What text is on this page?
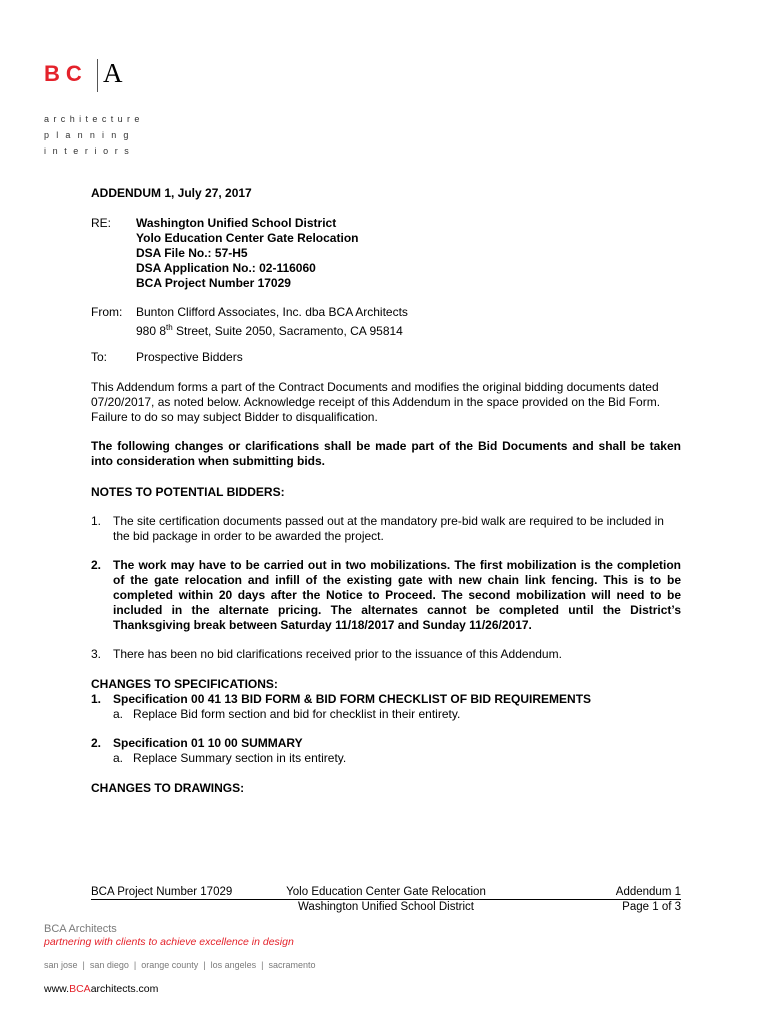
BC A
architecture
planning
interiors
ADDENDUM 1, July 27, 2017
RE: Washington Unified School District
Yolo Education Center Gate Relocation
DSA File No.: 57-H5
DSA Application No.: 02-116060
BCA Project Number 17029
From: Bunton Clifford Associates, Inc. dba BCA Architects
980 8th Street, Suite 2050, Sacramento, CA 95814
To: Prospective Bidders
This Addendum forms a part of the Contract Documents and modifies the original bidding documents dated 07/20/2017, as noted below. Acknowledge receipt of this Addendum in the space provided on the Bid Form. Failure to do so may subject Bidder to disqualification.
The following changes or clarifications shall be made part of the Bid Documents and shall be taken into consideration when submitting bids.
NOTES TO POTENTIAL BIDDERS:
1. The site certification documents passed out at the mandatory pre-bid walk are required to be included in the bid package in order to be awarded the project.
2. The work may have to be carried out in two mobilizations. The first mobilization is the completion of the gate relocation and infill of the existing gate with new chain link fencing. This is to be completed within 20 days after the Notice to Proceed. The second mobilization will need to be included in the alternate pricing. The alternates cannot be completed until the District’s Thanksgiving break between Saturday 11/18/2017 and Sunday 11/26/2017.
3. There has been no bid clarifications received prior to the issuance of this Addendum.
CHANGES TO SPECIFICATIONS:
1. Specification 00 41 13 BID FORM & BID FORM CHECKLIST OF BID REQUIREMENTS
a. Replace Bid form section and bid for checklist in their entirety.
2. Specification 01 10 00 SUMMARY
a. Replace Summary section in its entirety.
CHANGES TO DRAWINGS:
BCA Project Number 17029	Yolo Education Center Gate Relocation	Addendum 1
Washington Unified School District	Page 1 of 3
BCA Architects
partnering with clients to achieve excellence in design
san jose  |  san diego  |  orange county  |  los angeles  |  sacramento
www.BCAarchitects.com
